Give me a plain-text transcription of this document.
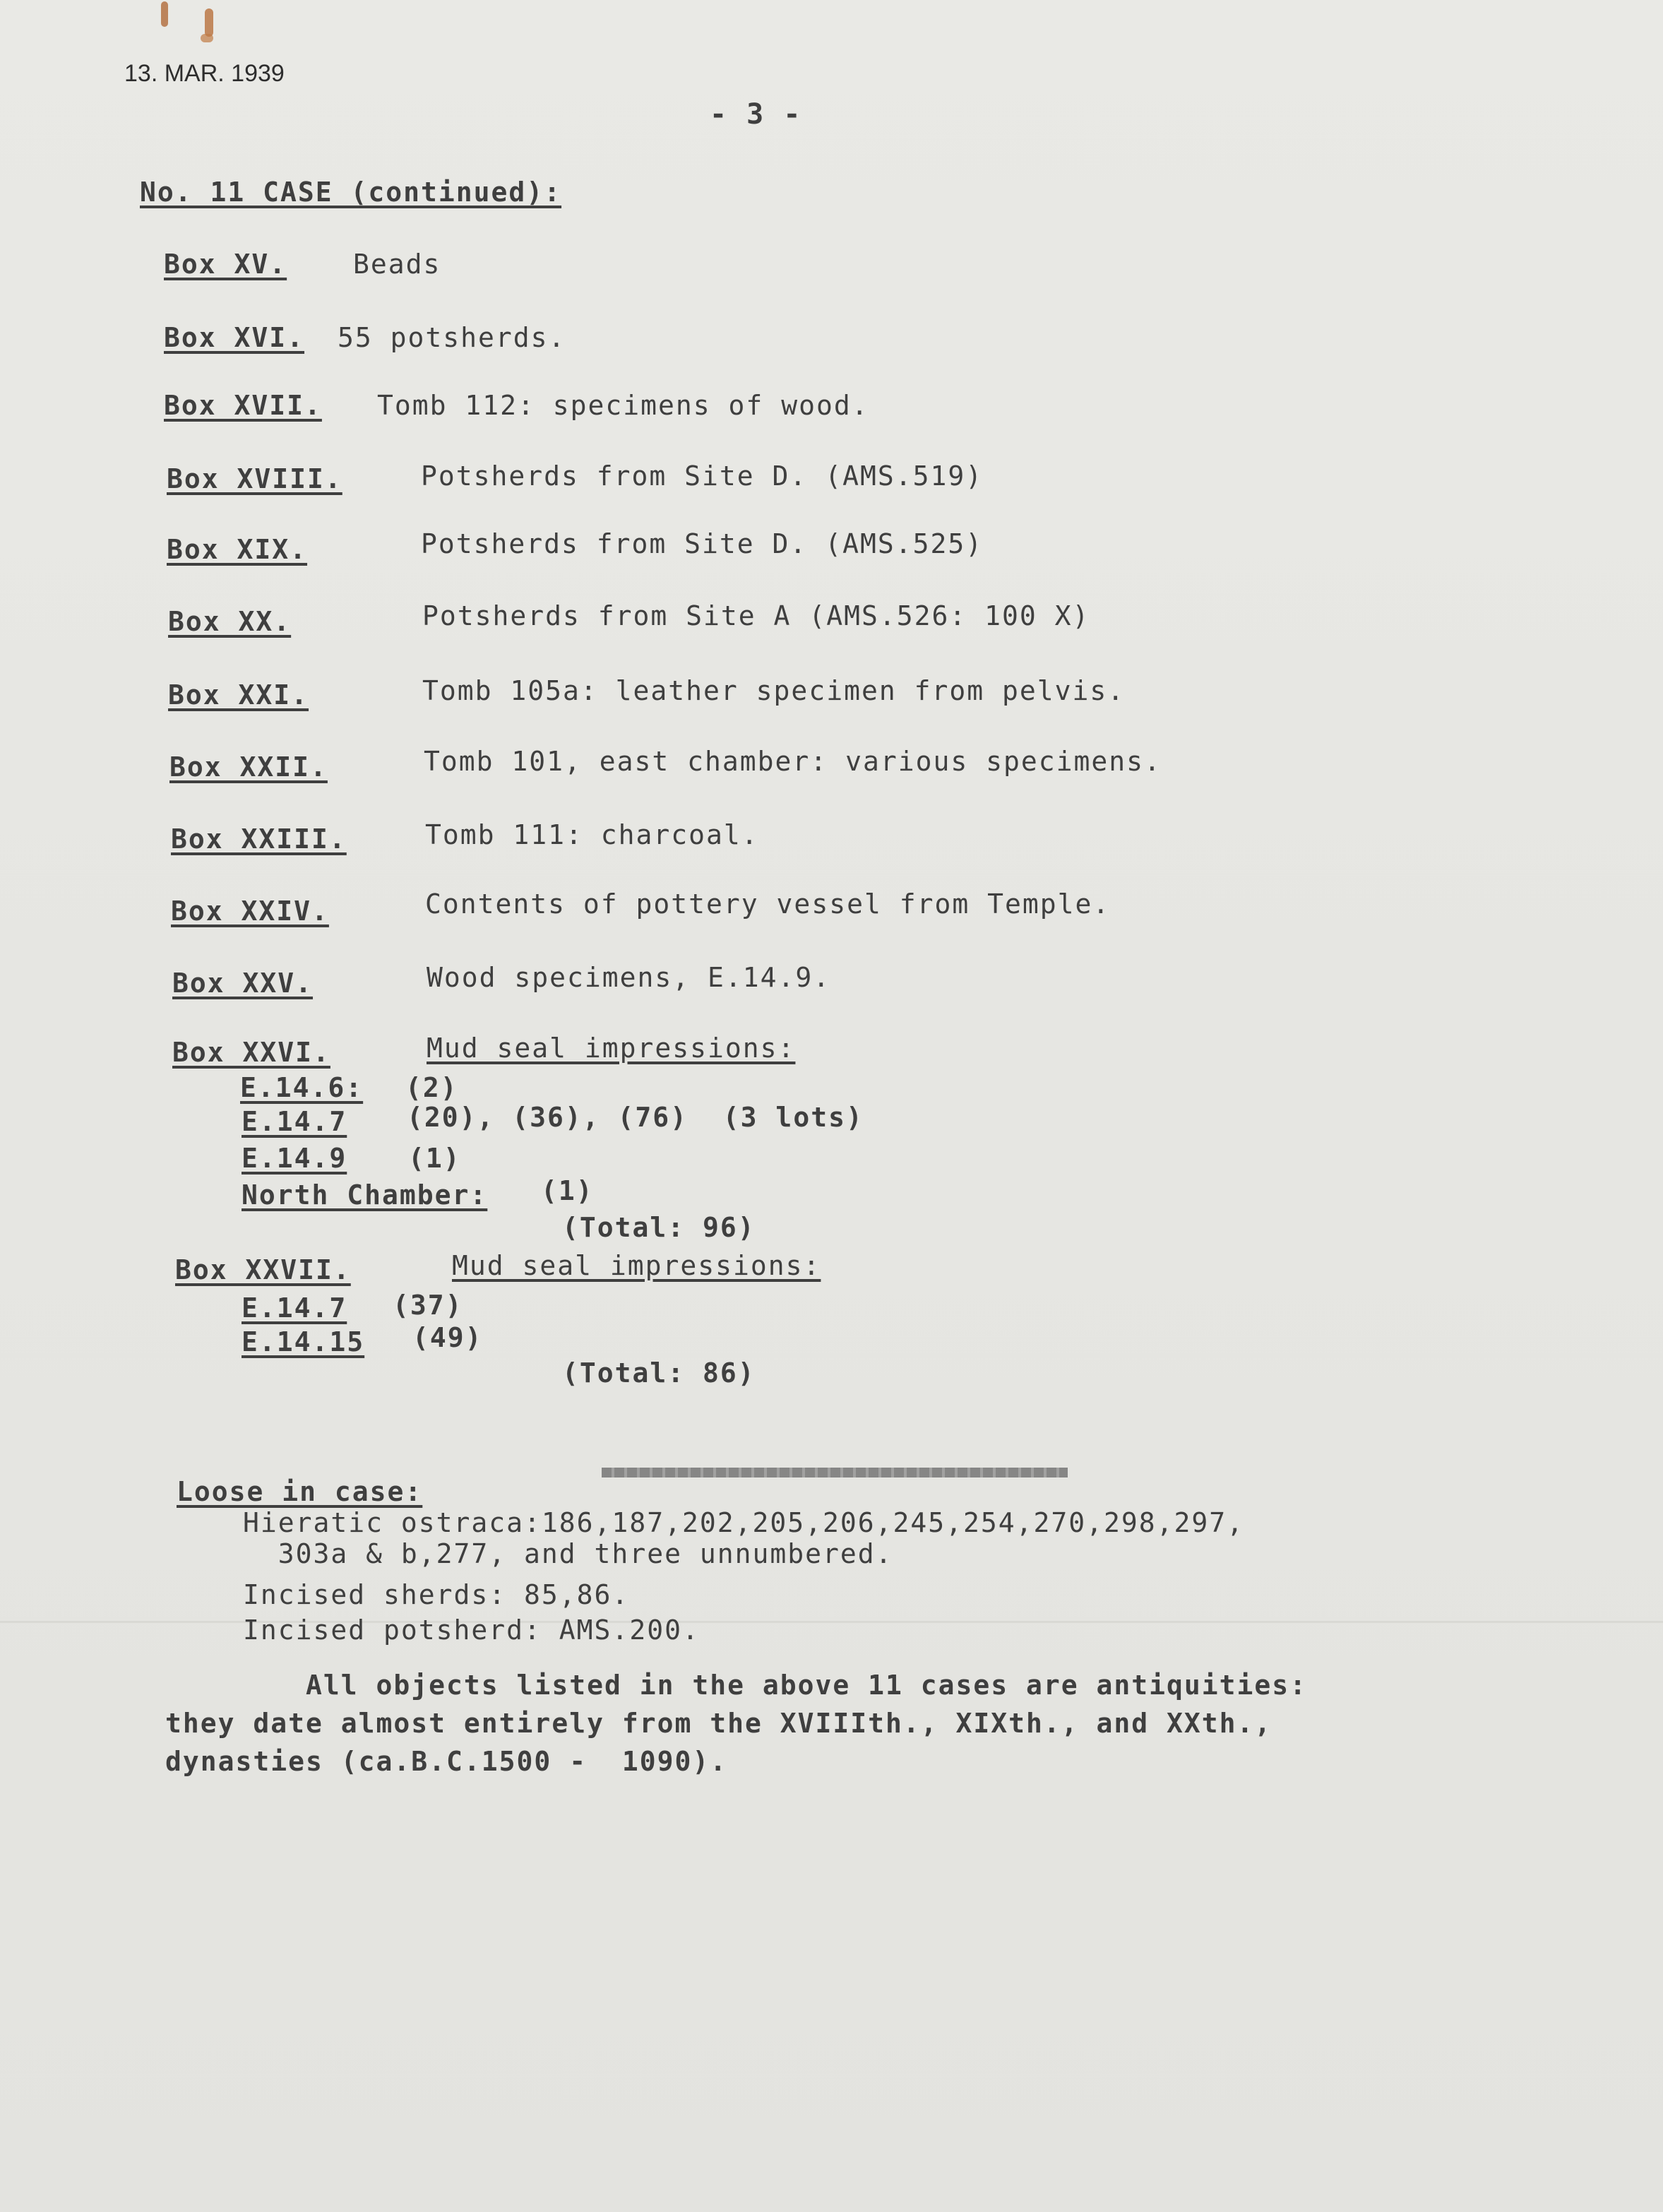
13. MAR. 1939
- 3 -
No. 11 CASE (continued):
Box XV. Beads
Box XVI. 55 potsherds.
Box XVII. Tomb 112: specimens of wood.
Box XVIII.	Potsherds from Site D. (AMS.519)
Box XIX.	Potsherds from Site D. (AMS.525)
Box XX.	Potsherds from Site A (AMS.526: 100 X)
Box XXI.	Tomb 105a: leather specimen from pelvis.
Box XXII.	Tomb 101, east chamber: various specimens.
Box XXIII.	Tomb 111: charcoal.
Box XXIV.	Contents of pottery vessel from Temple.
Box XXV.	Wood specimens, E.14.9.
Box XXVI.	Mud seal impressions:
E.14.6: (2)
E.14.7 (20), (36), (76)  (3 lots)
E.14.9 (1)
North Chamber: (1)
(Total: 96)
Box XXVII.	Mud seal impressions:
E.14.7 (37)
E.14.15 (49)
(Total: 86)
Loose in case:
Hieratic ostraca:186,187,202,205,206,245,254,270,298,297,
303a & b,277, and three unnumbered.
Incised sherds: 85,86.
Incised potsherd: AMS.200.
All objects listed in the above 11 cases are antiquities:
they date almost entirely from the XVIIIth., XIXth., and XXth.,
dynasties (ca.B.C.1500 -  1090).
